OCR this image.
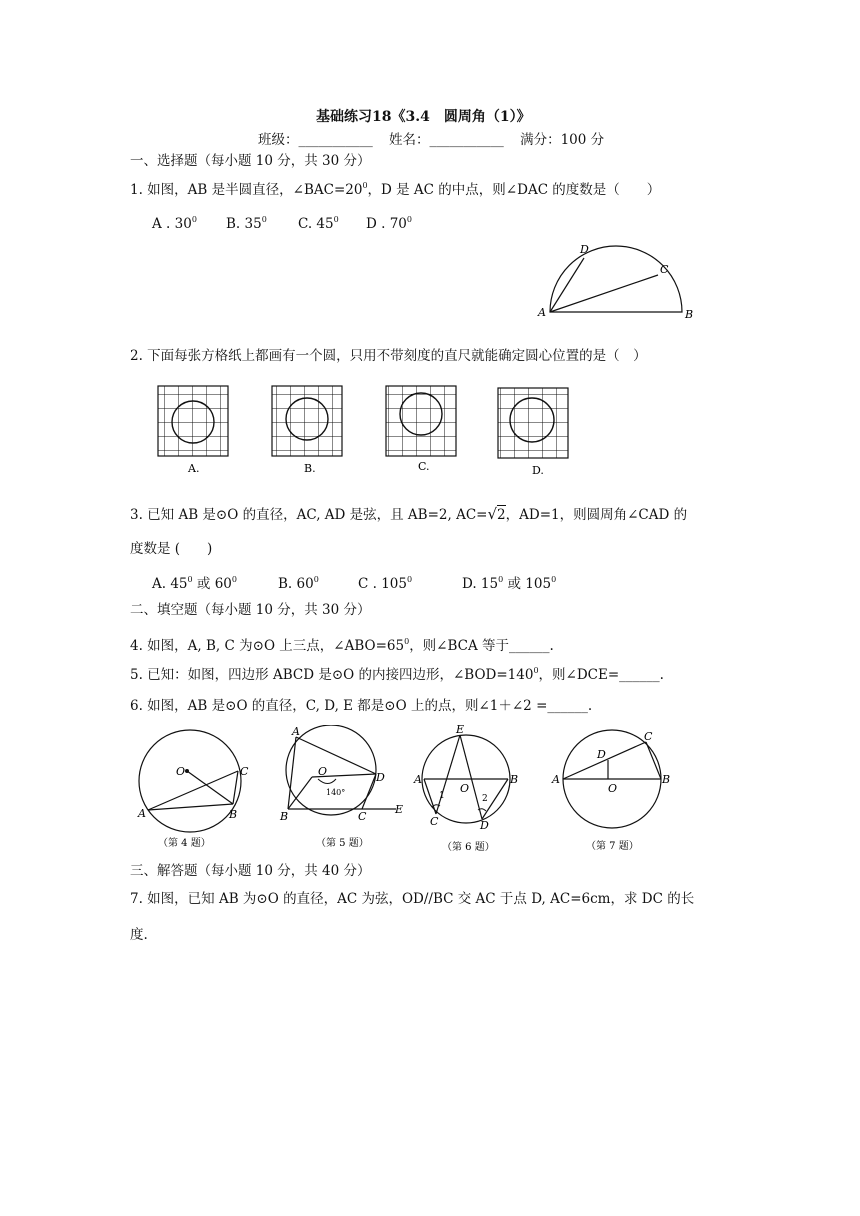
基础练习18《3.4　圆周角（1）》
班级：___________ 姓名：___________ 满分：100 分
一、选择题（每小题 10 分，共 30 分）
1. 如图，AB 是半圆直径，$\angle BAC=20^0$，D 是 AC 的中点，则∠DAC 的度数是（　　）
A . $30^0$ B. $35^0$ C. $45^0$ D . $70^0$
A	B
C
D
2. 下面每张方格纸上都画有一个圆，只用不带刻度的直尺就能确定圆心位置的是（　）
A.	B.	C.	D.
3. 已知 AB 是⊙O 的直径，AC, AD 是弦，且 AB=2, AC=√2，AD=1，则圆周角∠CAD 的
度数是 (　　)
A. $45^0$ 或 $60^0$	B. $60^0$	C . $105^0$	D. $15^0$ 或 $105^0$
二、填空题（每小题 10 分，共 30 分）
4. 如图，A, B, C 为⊙O 上三点，$\angle ABO=65^0$，则∠BCA 等于______.
5. 已知：如图，四边形 ABCD 是⊙O 的内接四边形，$\angle BOD=140^0$，则∠DCE=______.
6. 如图，AB 是⊙O 的直径，C, D, E 都是⊙O 上的点，则∠1＋∠2 =______.
O
A	B
C
（第 4 题）
A
B	C
D
E
O
140°
（第 5 题）
A	B
C	D
E
O
1	2
（第 6 题）
A	B
C
D
O
（第 7 题）
三、解答题（每小题 10 分，共 40 分）
7. 如图，已知 AB 为⊙O 的直径，AC 为弦，OD//BC 交 AC 于点 D, AC=6cm，求 DC 的长
度.
